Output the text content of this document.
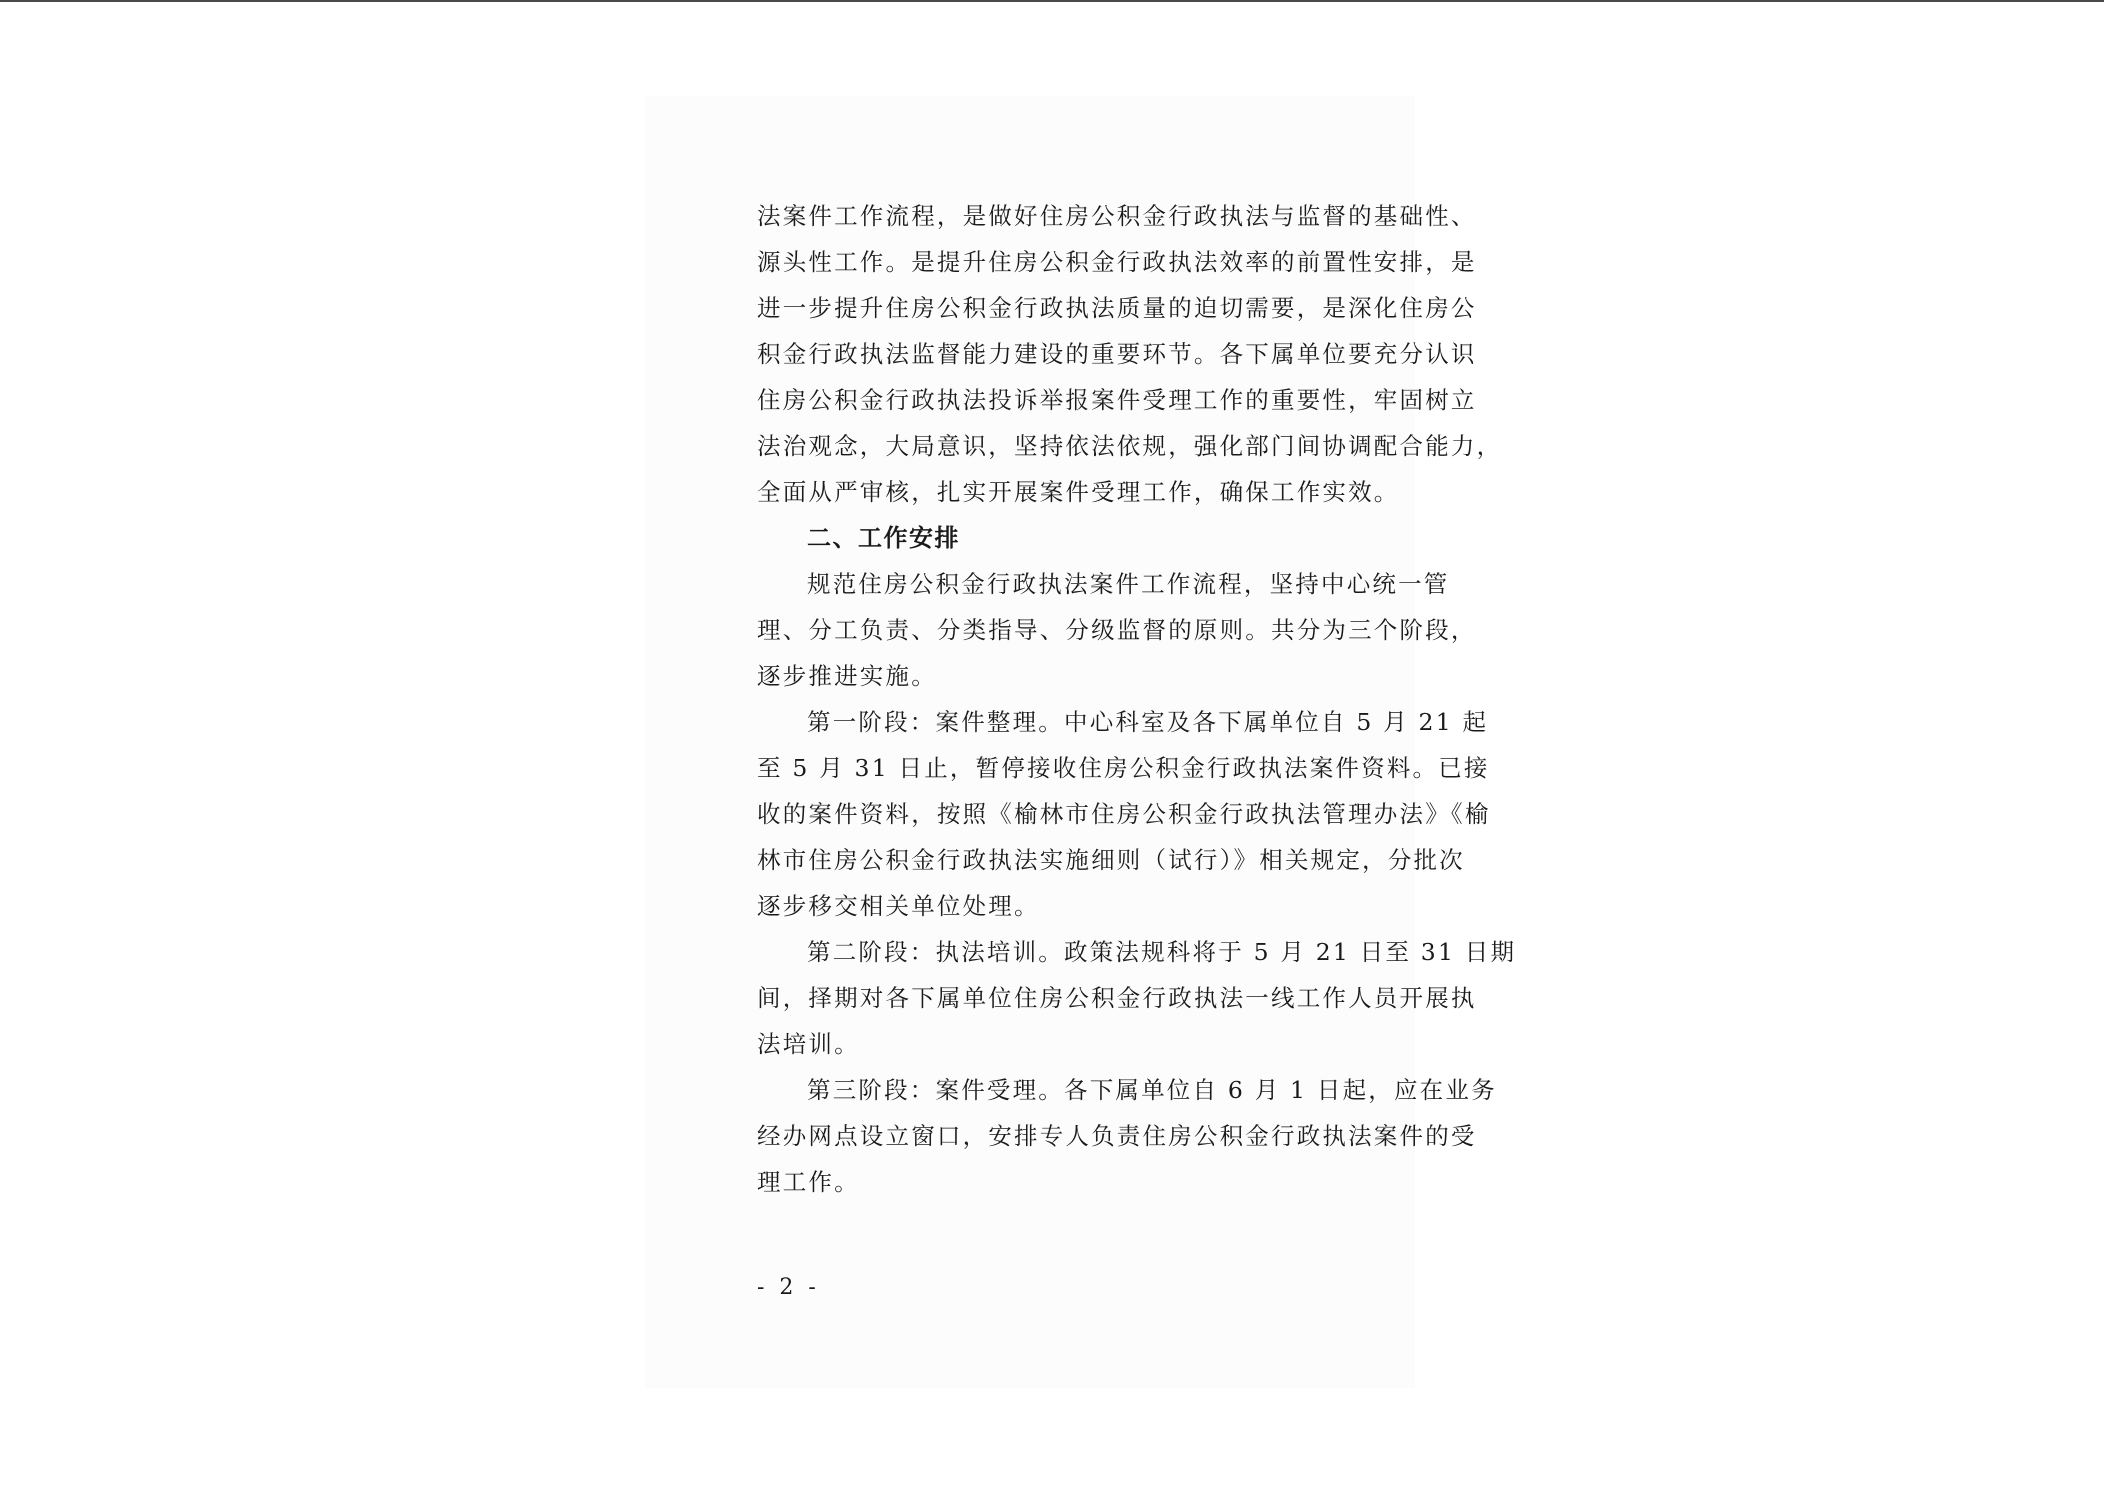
法案件工作流程，是做好住房公积金行政执法与监督的基础性、
源头性工作。是提升住房公积金行政执法效率的前置性安排，是
进一步提升住房公积金行政执法质量的迫切需要，是深化住房公
积金行政执法监督能力建设的重要环节。各下属单位要充分认识
住房公积金行政执法投诉举报案件受理工作的重要性，牢固树立
法治观念，大局意识，坚持依法依规，强化部门间协调配合能力，
全面从严审核，扎实开展案件受理工作，确保工作实效。
二、工作安排
规范住房公积金行政执法案件工作流程，坚持中心统一管
理、分工负责、分类指导、分级监督的原则。共分为三个阶段，
逐步推进实施。
第一阶段：案件整理。中心科室及各下属单位自 5 月 21 起
至 5 月 31 日止，暂停接收住房公积金行政执法案件资料。已接
收的案件资料，按照《榆林市住房公积金行政执法管理办法》《榆
林市住房公积金行政执法实施细则（试行）》相关规定，分批次
逐步移交相关单位处理。
第二阶段：执法培训。政策法规科将于 5 月 21 日至 31 日期
间，择期对各下属单位住房公积金行政执法一线工作人员开展执
法培训。
第三阶段：案件受理。各下属单位自 6 月 1 日起，应在业务
经办网点设立窗口，安排专人负责住房公积金行政执法案件的受
理工作。
- 2 -
